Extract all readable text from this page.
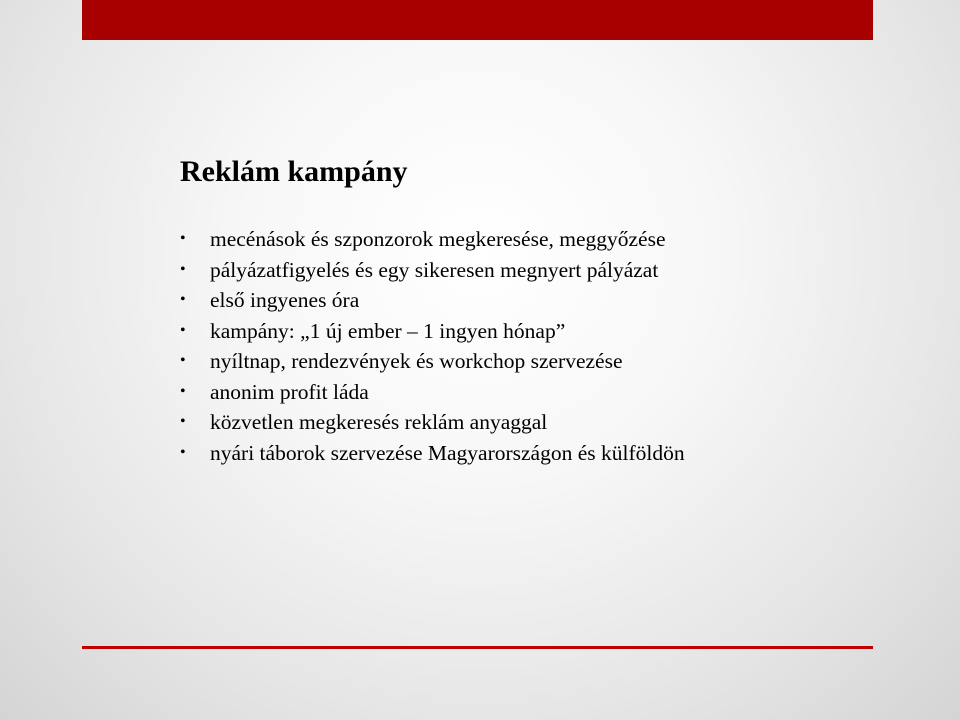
Reklám kampány
• mecénások és szponzorok megkeresése, meggyőzése
• pályázatfigyelés és egy sikeresen megnyert pályázat
• első ingyenes óra
• kampány: „1 új ember – 1 ingyen hónap”
• nyíltnap, rendezvények és workchop szervezése
• anonim profit láda
• közvetlen megkeresés reklám anyaggal
• nyári táborok szervezése Magyarországon és külföldön
